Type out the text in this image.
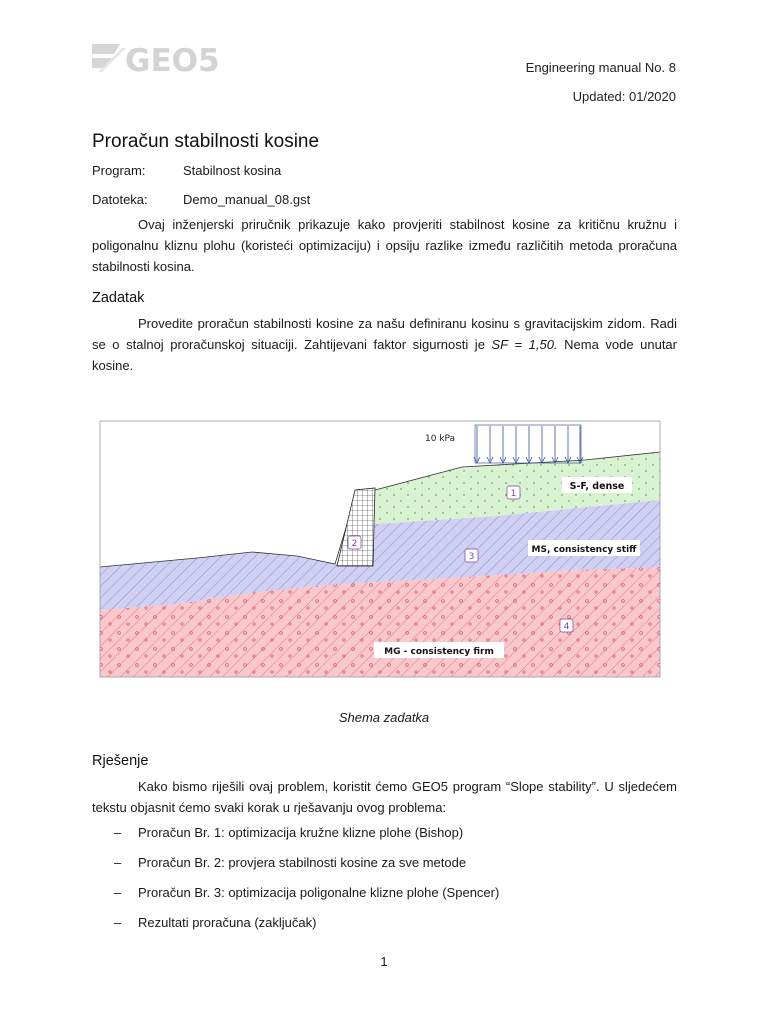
GEO5	Engineering manual No. 8
Updated: 01/2020
Proračun stabilnosti kosine
Program:	Stabilnost kosina
Datoteka:	Demo_manual_08.gst

Ovaj inženjerski priručnik prikazuje kako provjeriti stabilnost kosine za kritičnu kružnu i poligonalnu kliznu plohu (koristeći optimizaciju) i opsiju razlike između različitih metoda proračuna stabilnosti kosina.

Zadatak

Provedite proračun stabilnosti kosine za našu definiranu kosinu s gravitacijskim zidom. Radi se o stalnoj proračunskoj situaciji. Zahtijevani faktor sigurnosti je SF = 1,50. Nema vode unutar kosine.

10 kPa
1
2
3
4
S-F, dense
MS, consistency stiff
MG - consistency firm
Shema zadatka
Rješenje

Kako bismo riješili ovaj problem, koristit ćemo GEO5 program “Slope stability”. U sljedećem tekstu objasnit ćemo svaki korak u rješavanju ovog problema:

– Proračun Br. 1: optimizacija kružne klizne plohe (Bishop)
– Proračun Br. 2: provjera stabilnosti kosine za sve metode
– Proračun Br. 3: optimizacija poligonalne klizne plohe (Spencer)
– Rezultati proračuna (zaključak)
1
